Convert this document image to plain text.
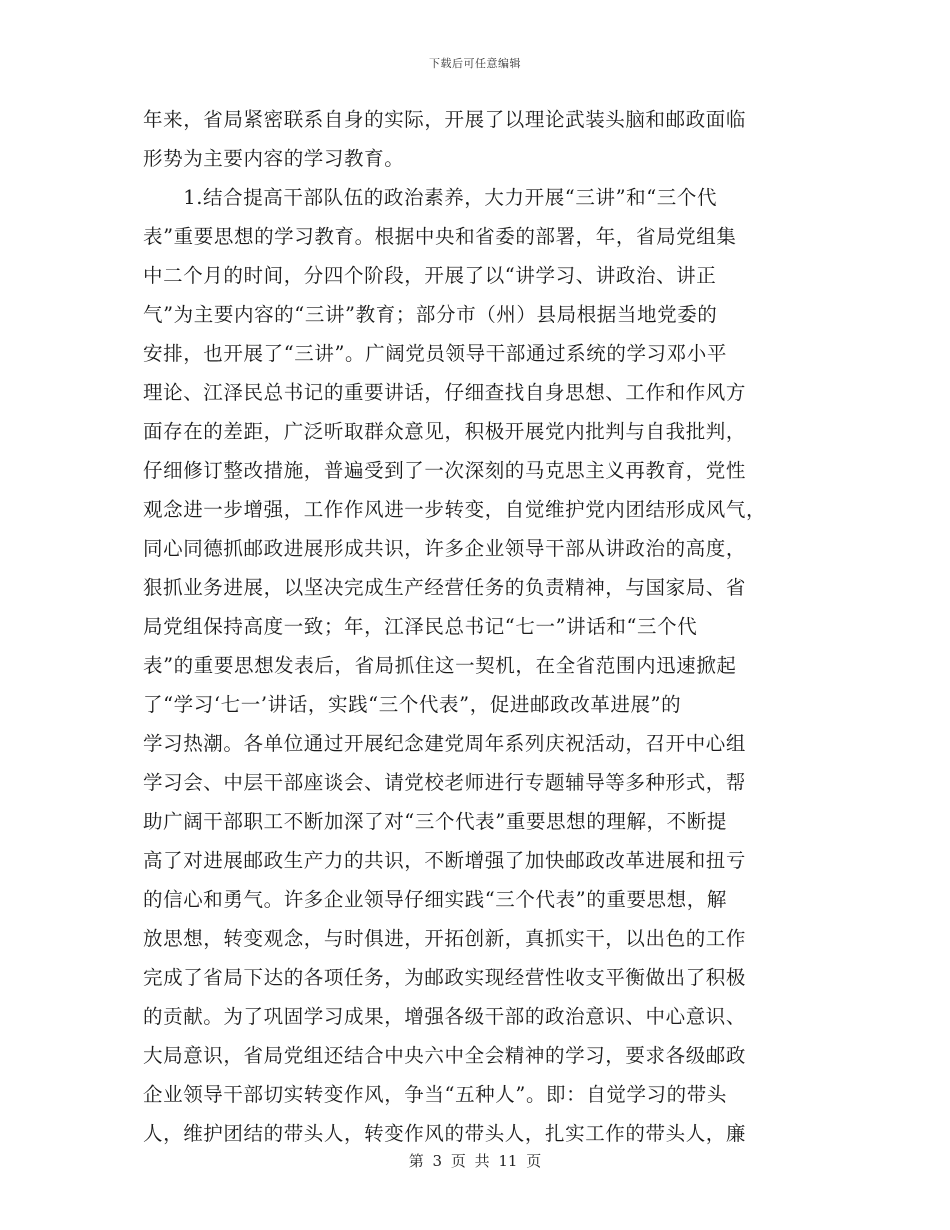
下载后可任意编辑
年来，省局紧密联系自身的实际，开展了以理论武装头脑和邮政面临
形势为主要内容的学习教育。
　　1.结合提高干部队伍的政治素养，大力开展“三讲”和“三个代
表”重要思想的学习教育。根据中央和省委的部署，年，省局党组集
中二个月的时间，分四个阶段，开展了以“讲学习、讲政治、讲正
气”为主要内容的“三讲”教育；部分市（州）县局根据当地党委的
安排，也开展了“三讲”。广阔党员领导干部通过系统的学习邓小平
理论、江泽民总书记的重要讲话，仔细查找自身思想、工作和作风方
面存在的差距，广泛听取群众意见，积极开展党内批判与自我批判，
仔细修订整改措施，普遍受到了一次深刻的马克思主义再教育，党性
观念进一步增强，工作作风进一步转变，自觉维护党内团结形成风气，
同心同德抓邮政进展形成共识，许多企业领导干部从讲政治的高度，
狠抓业务进展，以坚决完成生产经营任务的负责精神，与国家局、省
局党组保持高度一致；年，江泽民总书记“七一”讲话和“三个代
表”的重要思想发表后，省局抓住这一契机，在全省范围内迅速掀起
了“学习‘七一’讲话，实践“三个代表”，促进邮政改革进展”的
学习热潮。各单位通过开展纪念建党周年系列庆祝活动，召开中心组
学习会、中层干部座谈会、请党校老师进行专题辅导等多种形式，帮
助广阔干部职工不断加深了对“三个代表”重要思想的理解，不断提
高了对进展邮政生产力的共识，不断增强了加快邮政改革进展和扭亏
的信心和勇气。许多企业领导仔细实践“三个代表”的重要思想，解
放思想，转变观念，与时俱进，开拓创新，真抓实干，以出色的工作
完成了省局下达的各项任务，为邮政实现经营性收支平衡做出了积极
的贡献。为了巩固学习成果，增强各级干部的政治意识、中心意识、
大局意识，省局党组还结合中央六中全会精神的学习，要求各级邮政
企业领导干部切实转变作风，争当“五种人”。即：自觉学习的带头
人，维护团结的带头人，转变作风的带头人，扎实工作的带头人，廉
第 3 页 共 11 页
